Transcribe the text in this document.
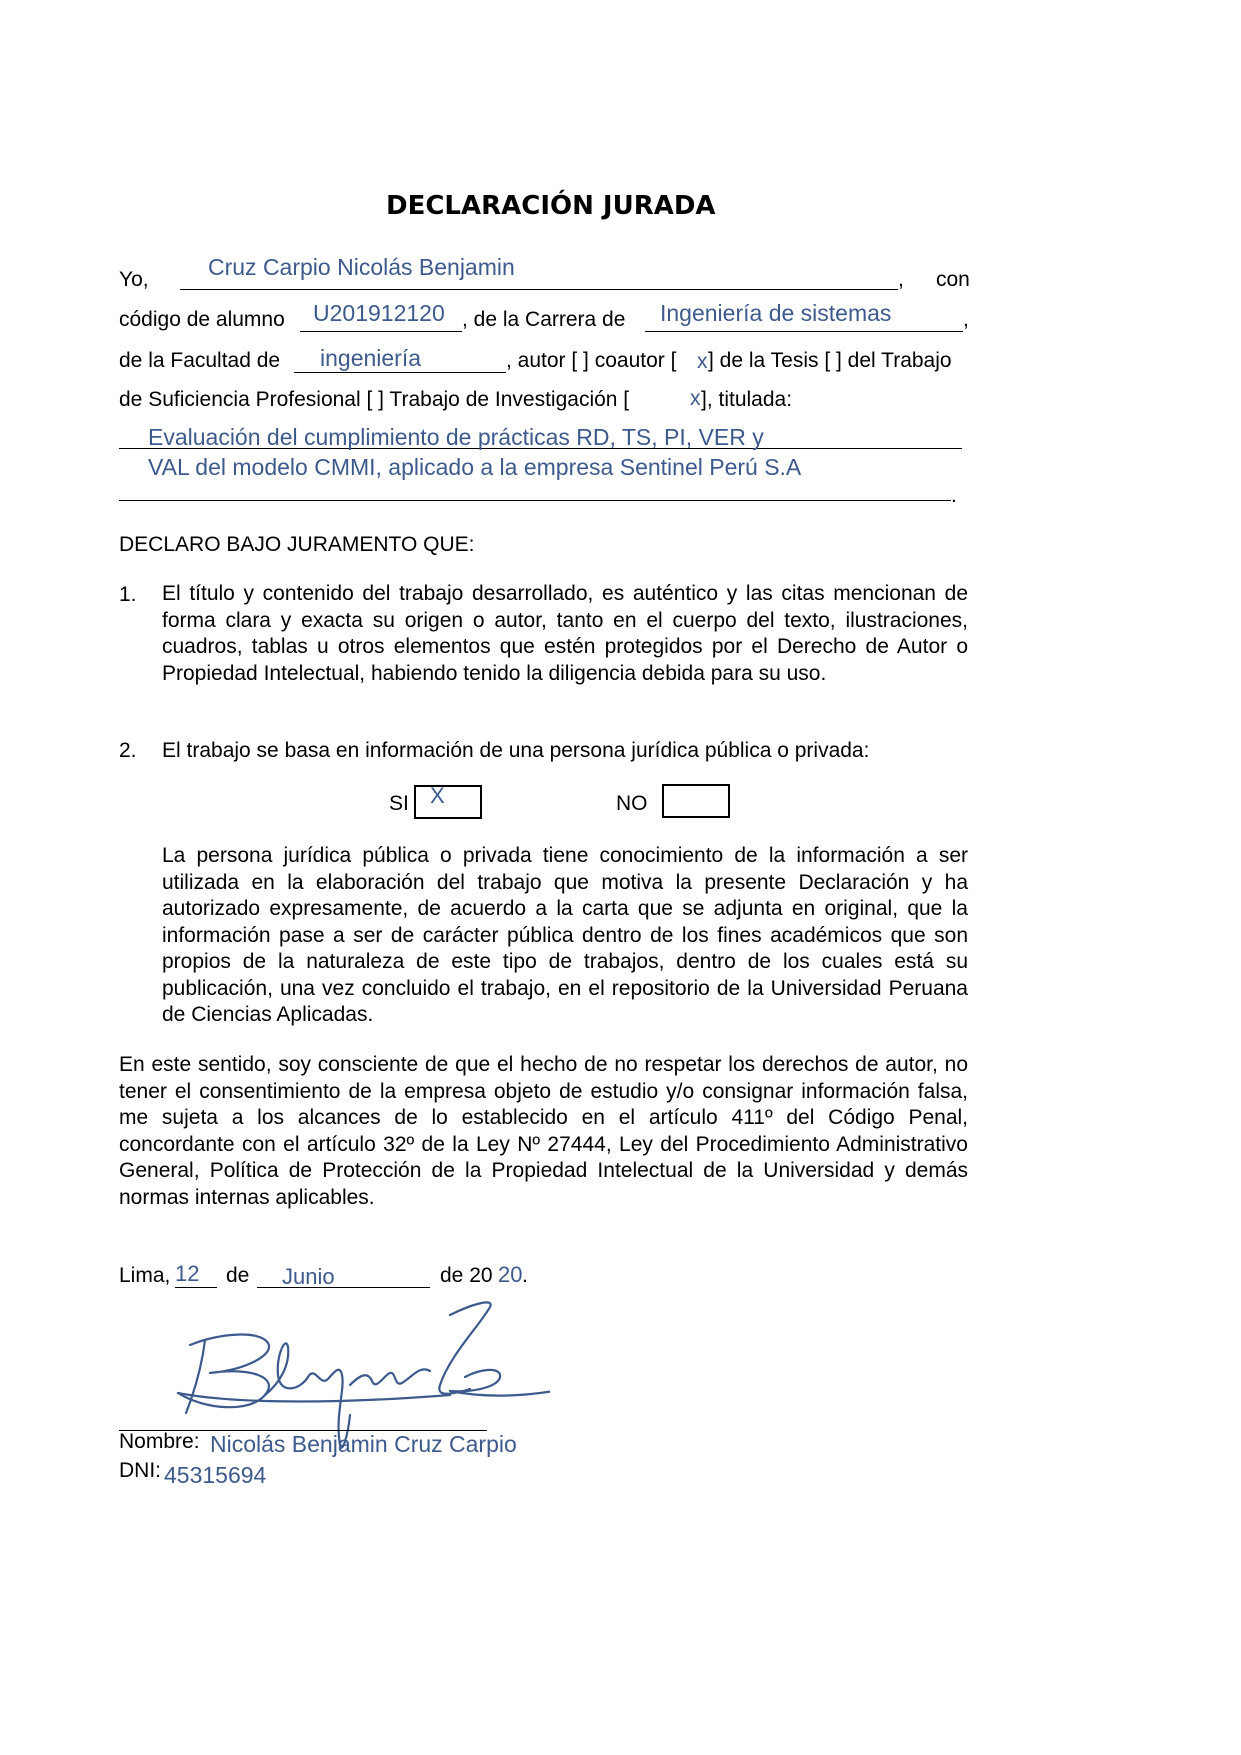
DECLARACIÓN JURADA
Yo,	Cruz Carpio Nicolás Benjamin	, con
código de alumno U201912120 , de la Carrera de Ingeniería de sistemas	,
de la Facultad de ingeniería	, autor [ ] coautor [ x ] de la Tesis [ ] del Trabajo
de Suficiencia Profesional [ ] Trabajo de Investigación [	x ], titulada:
Evaluación del cumplimiento de prácticas RD, TS, PI, VER y
VAL del modelo CMMI, aplicado a la empresa Sentinel Perú S.A
.
DECLARO BAJO JURAMENTO QUE:
1. El título y contenido del trabajo desarrollado, es auténtico y las citas mencionan de forma clara y exacta su origen o autor, tanto en el cuerpo del texto, ilustraciones, cuadros, tablas u otros elementos que estén protegidos por el Derecho de Autor o Propiedad Intelectual, habiendo tenido la diligencia debida para su uso.
2. El trabajo se basa en información de una persona jurídica pública o privada:
SI X	NO
La persona jurídica pública o privada tiene conocimiento de la información a ser utilizada en la elaboración del trabajo que motiva la presente Declaración y ha autorizado expresamente, de acuerdo a la carta que se adjunta en original, que la información pase a ser de carácter pública dentro de los fines académicos que son propios de la naturaleza de este tipo de trabajos, dentro de los cuales está su publicación, una vez concluido el trabajo, en el repositorio de la Universidad Peruana de Ciencias Aplicadas.
En este sentido, soy consciente de que el hecho de no respetar los derechos de autor, no tener el consentimiento de la empresa objeto de estudio y/o consignar información falsa, me sujeta a los alcances de lo establecido en el artículo 411º del Código Penal, concordante con el artículo 32º de la Ley Nº 27444, Ley del Procedimiento Administrativo General, Política de Protección de la Propiedad Intelectual de la Universidad y demás normas internas aplicables.
Lima, 12 de Junio	de 20 20 .
Nombre: Nicolás Benjamin Cruz Carpio
DNI: 45315694
